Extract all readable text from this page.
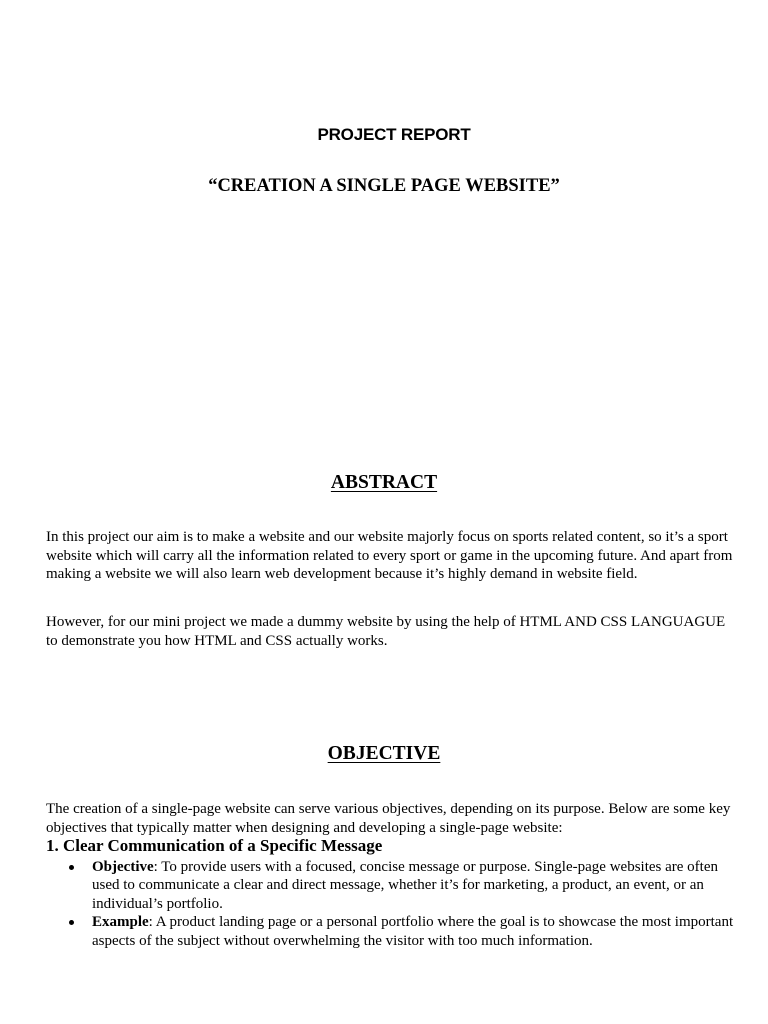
PROJECT REPORT
“CREATION A SINGLE PAGE WEBSITE”
ABSTRACT

In this project our aim is to make a website and our website majorly focus on sports related content, so it’s a sport website which will carry all the information related to every sport or game in the upcoming future. And apart from making a website we will also learn web development because it’s highly demand in website field.

However, for our mini project we made a dummy website by using the help of HTML AND CSS LANGUAGUE to demonstrate you how HTML and CSS actually works.

OBJECTIVE

The creation of a single-page website can serve various objectives, depending on its purpose. Below are some key objectives that typically matter when designing and developing a single-page website:

1. Clear Communication of a Specific Message
Objective: To provide users with a focused, concise message or purpose. Single-page websites are often used to communicate a clear and direct message, whether it’s for marketing, a product, an event, or an individual’s portfolio.
Example: A product landing page or a personal portfolio where the goal is to showcase the most important aspects of the subject without overwhelming the visitor with too much information.
